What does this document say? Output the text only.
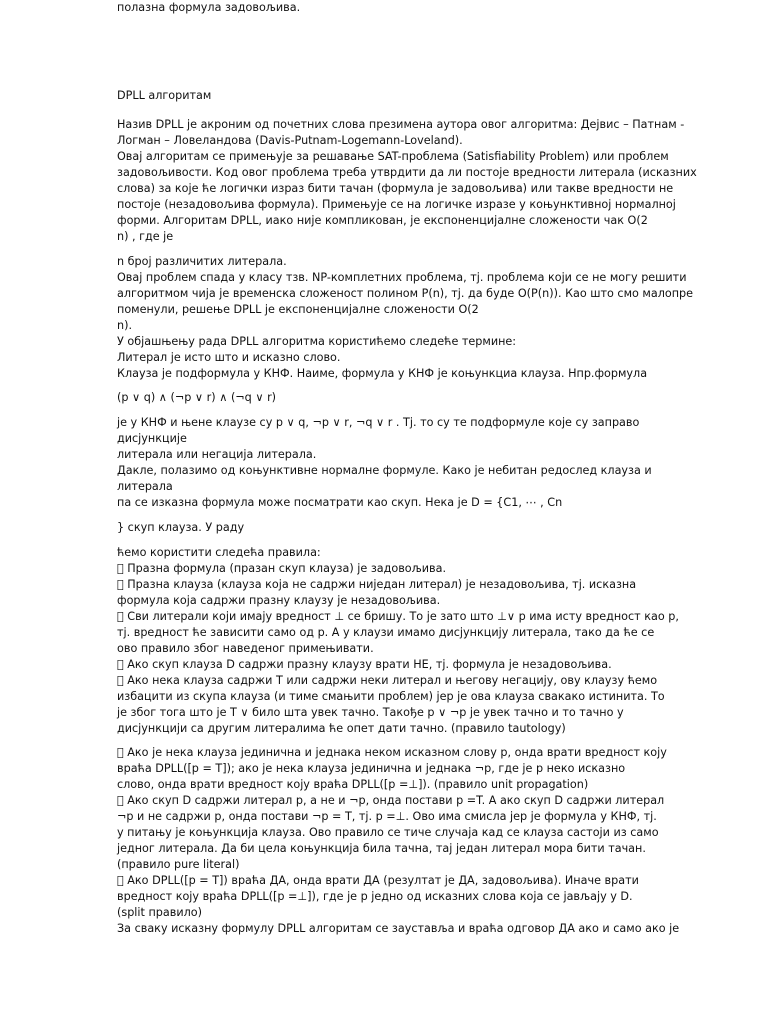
DPLL алгоритам
Назив DPLL је акроним од почетних слова презимена аутора овог алгоритма: Дејвис – Патнам -
Логман – Ловеландова (Davis-Putnam-Logemann-Loveland).
Овај алгоритам се примењује за решавање SAT-проблема (Satisfiability Problem) или проблем
задовољивости. Код овог проблема треба утврдити да ли постоје вредности литерала (исказних
слова) за које ће логички израз бити тачан (формула је задовољива) или такве вредности не
постоје (незадовољива формула). Примењује се на логичке изразе у коњунктивној нормалној
форми. Алгоритам DPLL, иако није компликован, је експоненцијалне сложености чак O(2
n) , где је
n број различитих литерала.
Овај проблем спада у класу тзв. NP-комплетних проблема, тј. проблема који се не могу решити
алгоритмом чија је временска сложеност полином P(n), тј. да буде O(P(n)). Као што смо малопре
поменули, решење DPLL је експоненцијалне сложености O(2
n).
У објашњењу рада DPLL алгоритма користићемо следеће термине:
Литерал је исто што и исказно слово.
Клауза је подформула у КНФ. Наиме, формула у КНФ је коњункциа клауза. Нпр.формула
(p ∨ q) ∧ (¬p ∨ r) ∧ (¬q ∨ r)
је у КНФ и њене клаузе су p ∨ q, ¬p ∨ r, ¬q ∨ r . Тј. то су те подформуле које су заправо
дисјункције
литерала или негација литерала.
Дакле, полазимо од коњунктивне нормалне формуле. Како је небитан редослед клауза и
литерала
па се изказна формула може посматрати као скуп. Нека је D = {C1, ⋯ , Cn
} скуп клауза. У раду
ћемо користити следећа правила:
􀀀 Празна формула (празан скуп клауза) је задовољива.
􀀀 Празна клауза (клауза која не садржи ниједан литерал) је незадовољива, тј. исказна
формула која садржи празну клаузу је незадовољива.
􀀀 Сви литерали који имају вредност ⊥ се бришу. То је зато што ⊥∨ p има исту вредност као p,
тј. вредност ће зависити само од p. А у клаузи имамо дисјункцију литерала, тако да ће се
ово правило због наведеног примењивати.
􀀀 Ако скуп клауза D садржи празну клаузу врати НЕ, тј. формула је незадовољива.
􀀀 Ако нека клауза садржи Т или садржи неки литерал и његову негацију, ову клаузу ћемо
избацити из скупа клауза (и тиме смањити проблем) јер је ова клауза свакако истинита. То
је због тога што је Т ∨ било шта увек тачно. Такође p ∨ ¬p је увек тачно и то тачно у
дисјункцији са другим литералима ће опет дати тачно. (правило tautology)
􀀀 Ако је нека клауза јединична и једнака неком исказном слову p, онда врати вредност коју
враћа DPLL([p = T]); ако је нека клауза јединична и једнака ¬p, где је p неко исказно
слово, онда врати вредност коју враћа DPLL([p =⊥]). (правило unit propagation)
􀀀 Ако скуп D садржи литерал p, а не и ¬p, онда постави p =T. А ако скуп D садржи литерал
¬p и не садржи p, онда постави ¬p = T, тј. p =⊥. Ово има смисла јер је формула у КНФ, тј.
у питању је коњункција клауза. Ово правило се тиче случаја кад се клауза састоји из само
једног литерала. Да би цела коњункција била тачна, тај један литерал мора бити тачан.
(правило pure literal)
􀀀 Ако DPLL([p = T]) враћа ДА, онда врати ДА (резултат је ДА, задовољива). Иначе врати
вредност коју враћа DPLL([p =⊥]), где је p једно од исказних слова која се јављају у D.
(split правило)
За сваку исказну формулу DPLL алгоритам се зауставља и враћа одговор ДА ако и само ако је
полазна формула задовољива.
